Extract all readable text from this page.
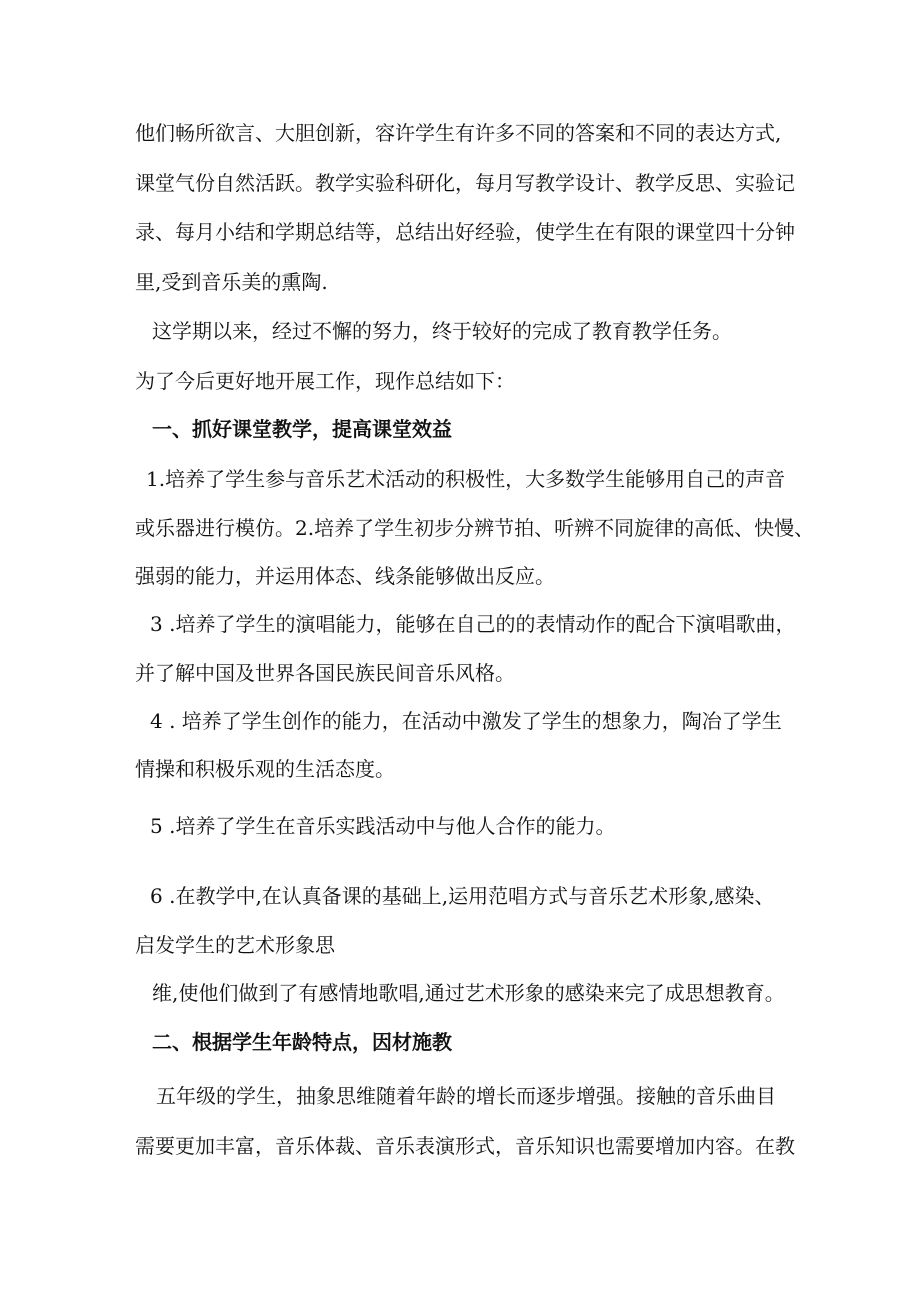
他们畅所欲言、大胆创新，容许学生有许多不同的答案和不同的表达方式,
课堂气份自然活跃。教学实验科研化，每月写教学设计、教学反思、实验记
录、每月小结和学期总结等，总结出好经验，使学生在有限的课堂四十分钟
里,受到音乐美的熏陶.
这学期以来，经过不懈的努力，终于较好的完成了教育教学任务。
为了今后更好地开展工作，现作总结如下：
一、抓好课堂教学，提高课堂效益
1.培养了学生参与音乐艺术活动的积极性，大多数学生能够用自己的声音
或乐器进行模仿。2.培养了学生初步分辨节拍、听辨不同旋律的高低、快慢、
强弱的能力，并运用体态、线条能够做出反应。
3 .培养了学生的演唱能力，能够在自己的的表情动作的配合下演唱歌曲，
并了解中国及世界各国民族民间音乐风格。
4 . 培养了学生创作的能力，在活动中激发了学生的想象力，陶冶了学生
情操和积极乐观的生活态度。
5 .培养了学生在音乐实践活动中与他人合作的能力。
6 .在教学中,在认真备课的基础上,运用范唱方式与音乐艺术形象,感染、
启发学生的艺术形象思
维,使他们做到了有感情地歌唱,通过艺术形象的感染来完了成思想教育。
二、根据学生年龄特点，因材施教
五年级的学生，抽象思维随着年龄的增长而逐步增强。接触的音乐曲目
需要更加丰富，音乐体裁、音乐表演形式，音乐知识也需要增加内容。在教
